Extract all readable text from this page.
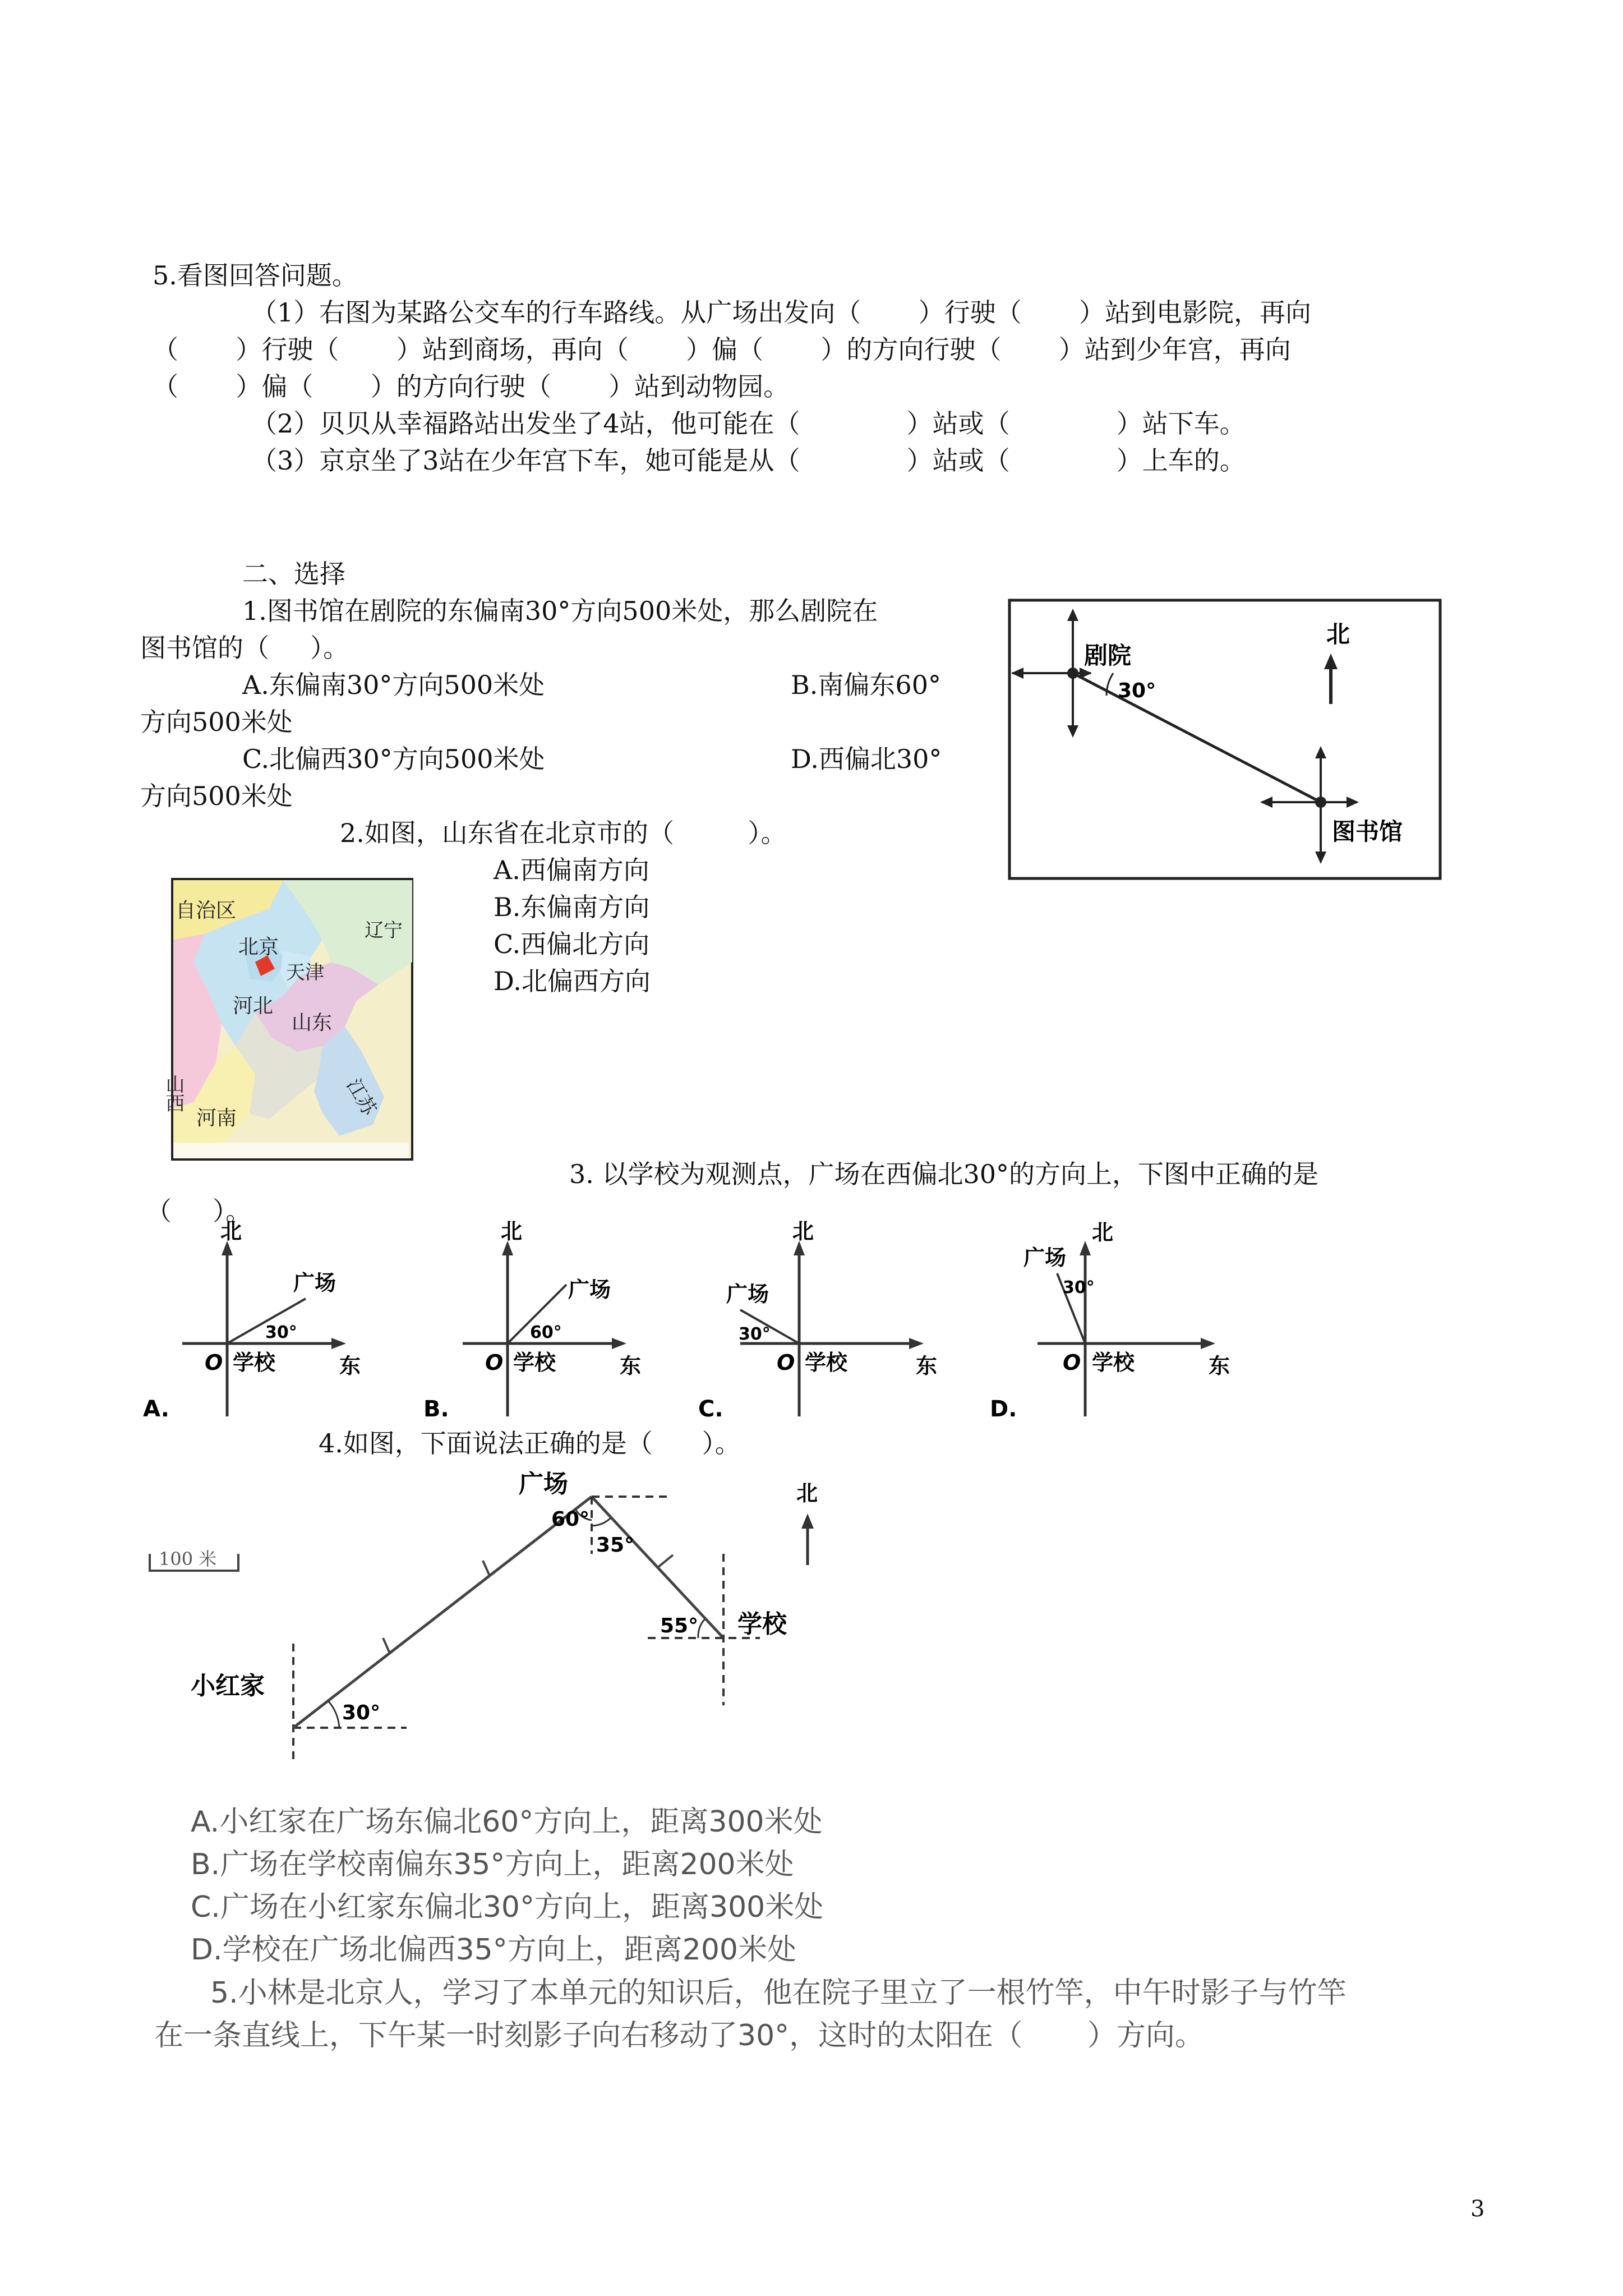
5.看图回答问题。
（1）右图为某路公交车的行车路线。从广场出发向（       ）行驶（       ）站到电影院，再向
（       ）行驶（       ）站到商场，再向（       ）偏（       ）的方向行驶（       ）站到少年宫，再向
（       ）偏（       ）的方向行驶（       ）站到动物园。
（2）贝贝从幸福路站出发坐了4站，他可能在（             ）站或（             ）站下车。
（3）京京坐了3站在少年宫下车，她可能是从（             ）站或（             ）上车的。
二、选择
1.图书馆在剧院的东偏南30°方向500米处，那么剧院在
图书馆的（     ）。
A.东偏南30°方向500米处	B.南偏东60°
方向500米处
C.北偏西30°方向500米处	D.西偏北30°
方向500米处
北
剧院
30°
图书馆
2.如图，山东省在北京市的（         ）。
A.西偏南方向
B.东偏南方向
C.西偏北方向
D.北偏西方向
自治区
北京
辽宁
天津
河北
山东
山西
河南	江苏
3. 以学校为观测点，广场在西偏北30°的方向上，下图中正确的是
（     ）。
北
广场
30°
O 学校	东
A.
北
广场
60°
O 学校	东
B.
北
广场
30°
O 学校	东
C.
北
广场
30°
O 学校	东
D.
4.如图，下面说法正确的是（      ）。
100 米
北
广场
学校
小红家
60°
35°
55°
30°
A.小红家在广场东偏北60°方向上，距离300米处
B.广场在学校南偏东35°方向上，距离200米处
C.广场在小红家东偏北30°方向上，距离300米处
D.学校在广场北偏西35°方向上，距离200米处
5.小林是北京人，学习了本单元的知识后，他在院子里立了一根竹竿，中午时影子与竹竿
在一条直线上，下午某一时刻影子向右移动了30°，这时的太阳在（       ）方向。
3
